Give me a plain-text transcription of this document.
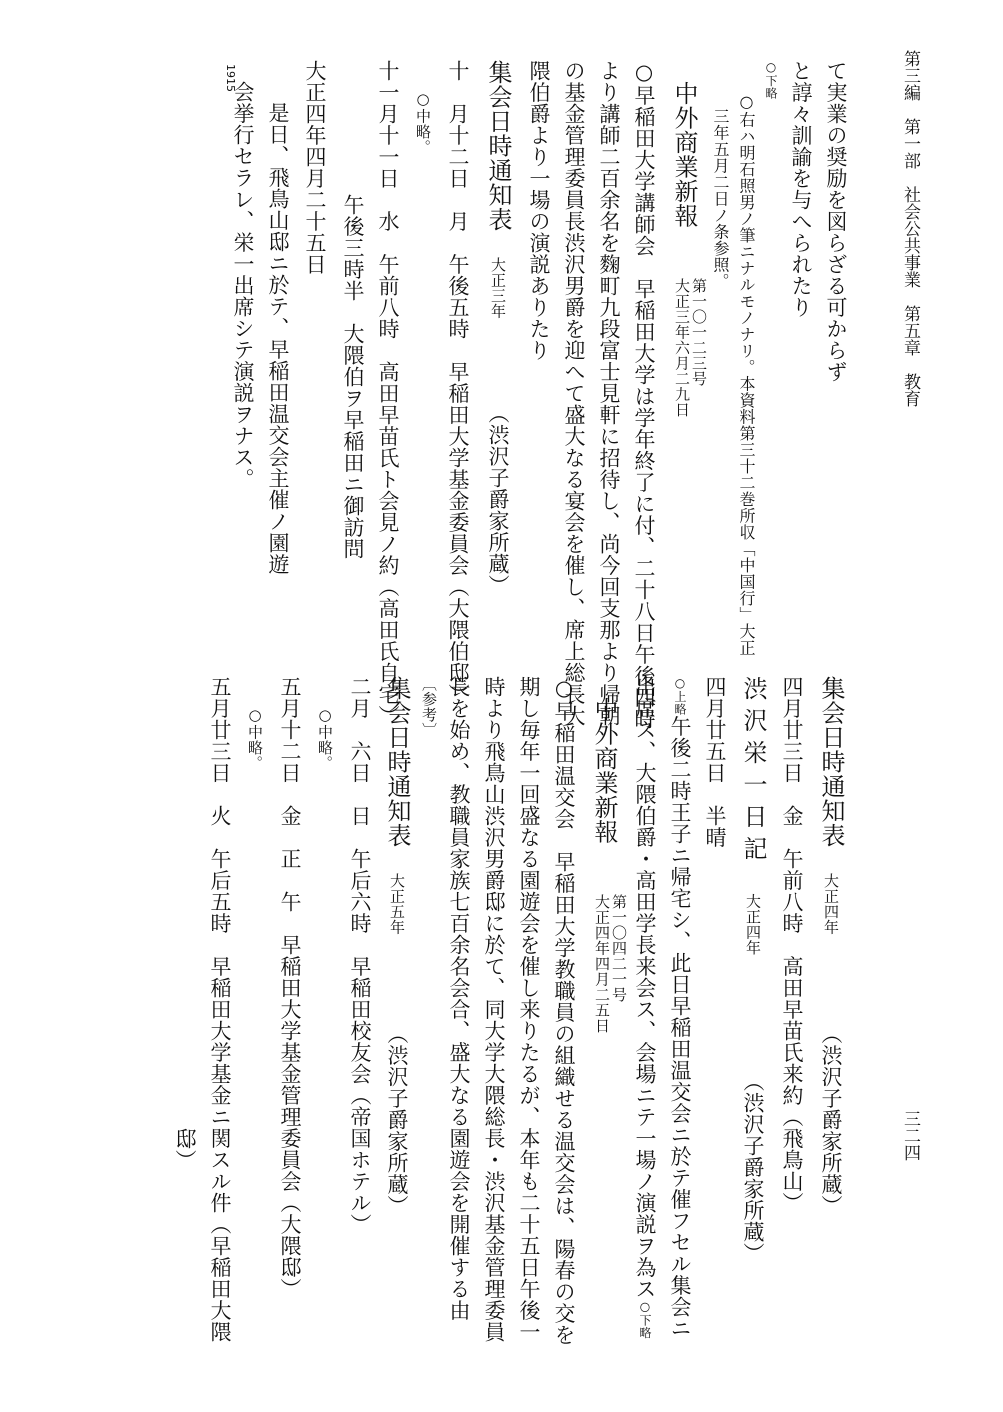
第三編　第一部　社会公共事業　第五章　教育
三二四
て実業の奨励を図らざる可からず
と諄々訓諭を与へられたり
○下略
○右ハ明石照男ノ筆ニナルモノナリ。本資料第三十二巻所収「中国行」大正
三年五月二日ノ条参照。
中外商業新報
第一〇一二三号
大正三年六月二九日
○早稲田大学講師会　早稲田大学は学年終了に付、二十八日午後四時
より講師二百余名を麴町九段富士見軒に招待し、尚今回支那より帰朝
の基金管理委員長渋沢男爵を迎へて盛大なる宴会を催し、席上総長大
隈伯爵より一場の演説ありたり
集会日時通知表大正三年（渋沢子爵家所蔵）
十　月十二日　月　午後五時　早稲田大学基金委員会（大隈伯邸）
○中略。
十一月十一日　水　午前八時　高田早苗氏ト会見ノ約（高田氏自宅）
午後三時半　大隈伯ヲ早稲田ニ御訪問
大正四年四月二十五日
是日、飛鳥山邸ニ於テ、早稲田温交会主催ノ園遊
会挙行セラレ、栄一出席シテ演説ヲナス。
1915
集会日時通知表大正四年（渋沢子爵家所蔵）
四月廿三日　金　午前八時　高田早苗氏来約（飛鳥山）
渋沢栄一日記大正四年（渋沢子爵家所蔵）
四月廿五日　半晴
○上略午後二時王子ニ帰宅シ、此日早稲田温交会ニ於テ催フセル集会ニ
出席ス、大隈伯爵・高田学長来会ス、会場ニテ一場ノ演説ヲ為ス○下略
中外商業新報
第一〇四二一号
大正四年四月二五日
○早稲田温交会　早稲田大学教職員の組織せる温交会は、陽春の交を
期し毎年一回盛なる園遊会を催し来りたるが、本年も二十五日午後一
時より飛鳥山渋沢男爵邸に於て、同大学大隈総長・渋沢基金管理委員
長を始め、教職員家族七百余名会合、盛大なる園遊会を開催する由
〔参考〕
集会日時通知表大正五年（渋沢子爵家所蔵）
二月　六日　日　午后六時　早稲田校友会（帝国ホテル）
○中略。
五月十二日　金　正　午　早稲田大学基金管理委員会（大隈邸）
○中略。
五月廿三日　火　午后五時　早稲田大学基金ニ関スル件（早稲田大隈
邸）
